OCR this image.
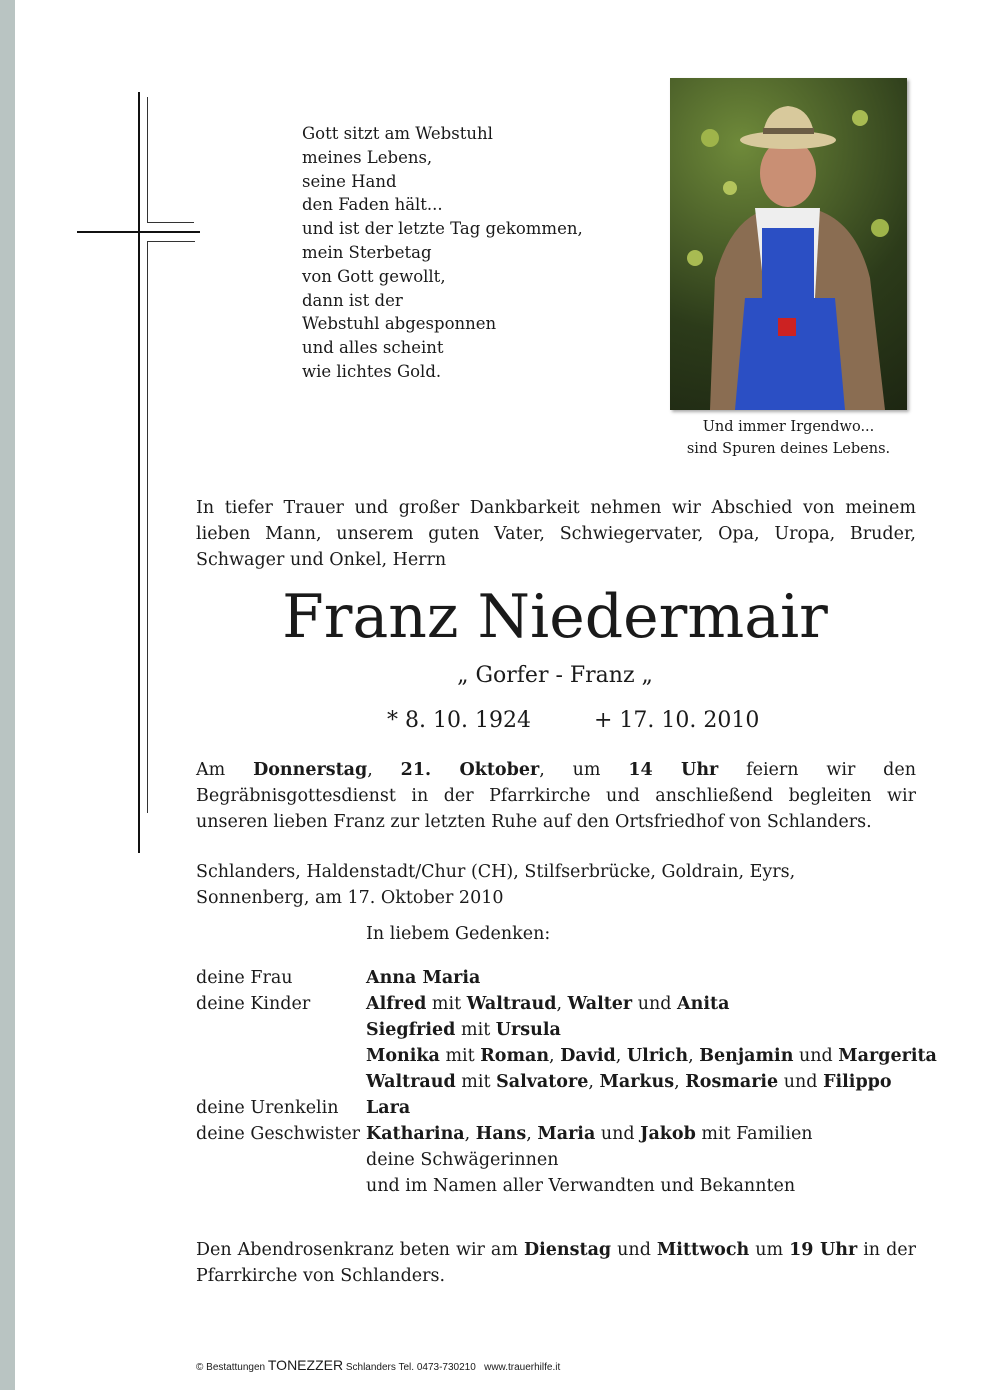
Gott sitzt am Webstuhl
meines Lebens,
seine Hand
den Faden hält...
und ist der letzte Tag gekommen,
mein Sterbetag
von Gott gewollt,
dann ist der
Webstuhl abgesponnen
und alles scheint
wie lichtes Gold.
Und immer Irgendwo...
sind Spuren deines Lebens.
In tiefer Trauer und großer Dankbarkeit nehmen wir Abschied von meinem lieben Mann, unserem guten Vater, Schwiegervater, Opa, Uropa, Bruder, Schwager und Onkel, Herrn
Franz Niedermair
„ Gorfer - Franz „
* 8. 10. 1924	+ 17. 10. 2010
Am Donnerstag, 21. Oktober, um 14 Uhr feiern wir den Begräbnisgottesdienst in der Pfarrkirche und anschließend begleiten wir unseren lieben Franz zur letzten Ruhe auf den Ortsfriedhof von Schlanders.
Schlanders, Haldenstadt/Chur (CH), Stilfserbrücke, Goldrain, Eyrs, Sonnenberg, am 17. Oktober 2010
In liebem Gedenken:
deine Frau	Anna Maria
deine Kinder	Alfred mit Waltraud, Walter und Anita
Siegfried mit Ursula
Monika mit Roman, David, Ulrich, Benjamin und Margerita
Waltraud mit Salvatore, Markus, Rosmarie und Filippo
deine Urenkelin	Lara
deine Geschwister Katharina, Hans, Maria und Jakob mit Familien
deine Schwägerinnen
und im Namen aller Verwandten und Bekannten
Den Abendrosenkranz beten wir am Dienstag und Mittwoch um 19 Uhr in der Pfarrkirche von Schlanders.
© Bestattungen TONEZZER Schlanders Tel. 0473-730210   www.trauerhilfe.it
